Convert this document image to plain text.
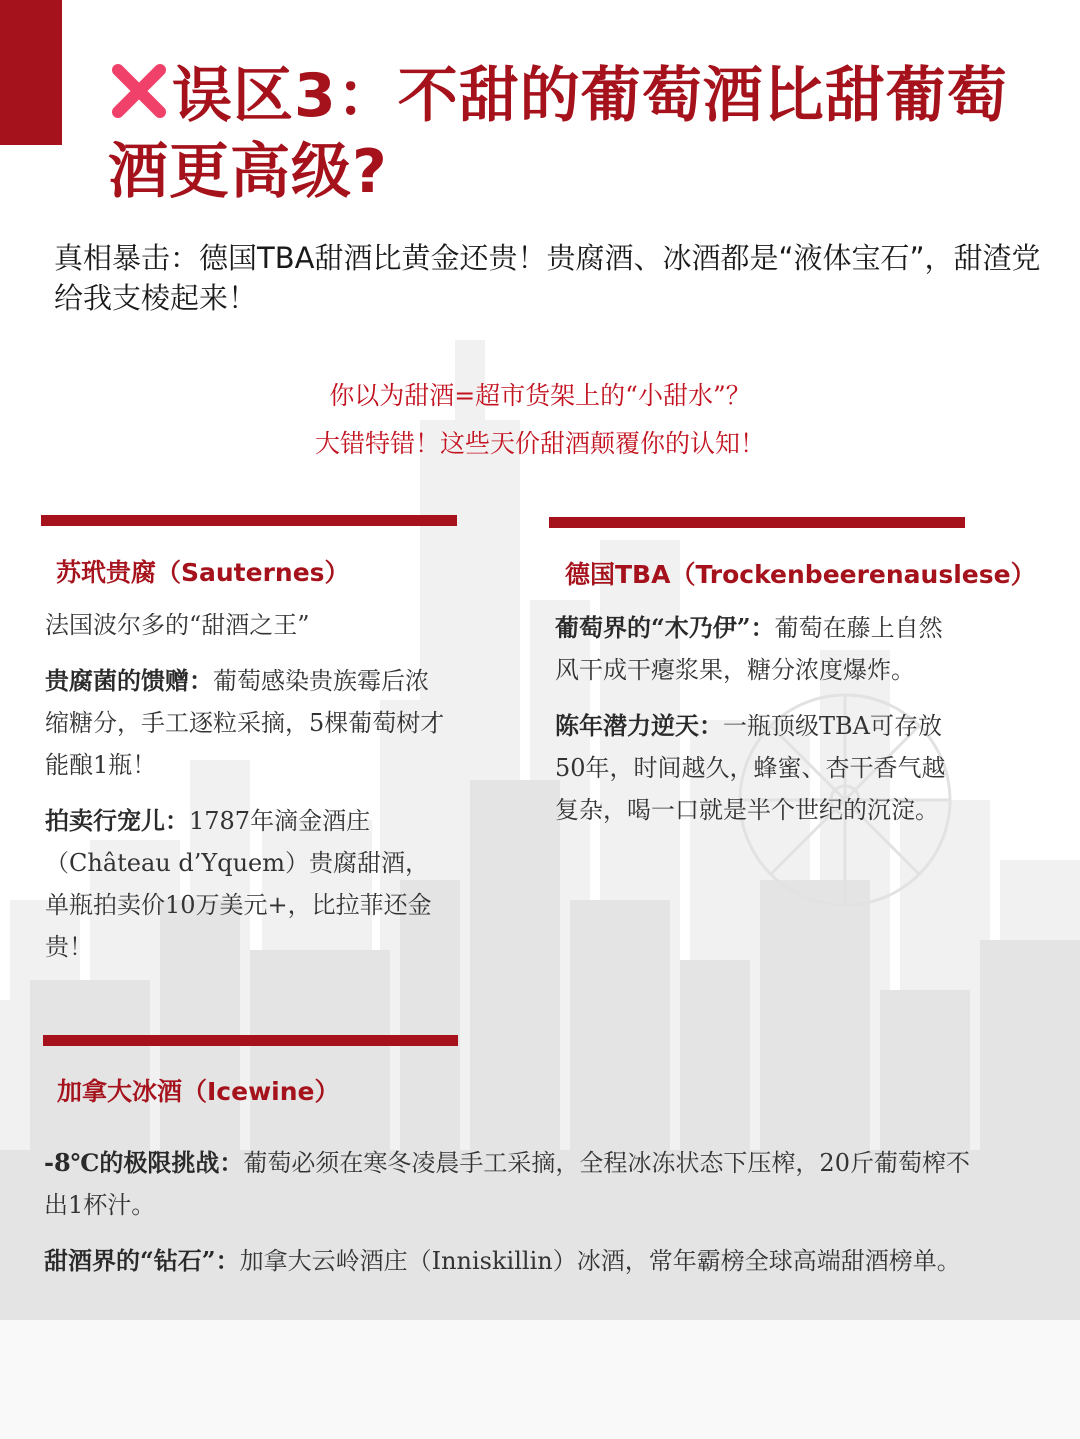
误区3：不甜的葡萄酒比甜葡萄酒更高级?

真相暴击：德国TBA甜酒比黄金还贵！贵腐酒、冰酒都是“液体宝石”，甜渣党给我支棱起来！

你以为甜酒=超市货架上的“小甜水”？

大错特错！这些天价甜酒颠覆你的认知！

苏玳贵腐（Sauternes）

法国波尔多的“甜酒之王”

贵腐菌的馈赠：葡萄感染贵族霉后浓缩糖分，手工逐粒采摘，5棵葡萄树才能酿1瓶！

拍卖行宠儿：1787年滴金酒庄（Château d’Yquem）贵腐甜酒，单瓶拍卖价10万美元+，比拉菲还金贵！

德国TBA（Trockenbeerenauslese）

葡萄界的“木乃伊”：葡萄在藤上自然风干成干瘪浆果，糖分浓度爆炸。

陈年潜力逆天：一瓶顶级TBA可存放50年，时间越久，蜂蜜、杏干香气越复杂，喝一口就是半个世纪的沉淀。

加拿大冰酒（Icewine）

-8℃的极限挑战：葡萄必须在寒冬凌晨手工采摘，全程冰冻状态下压榨，20斤葡萄榨不出1杯汁。

甜酒界的“钻石”：加拿大云岭酒庄（Inniskillin）冰酒，常年霸榜全球高端甜酒榜单。
